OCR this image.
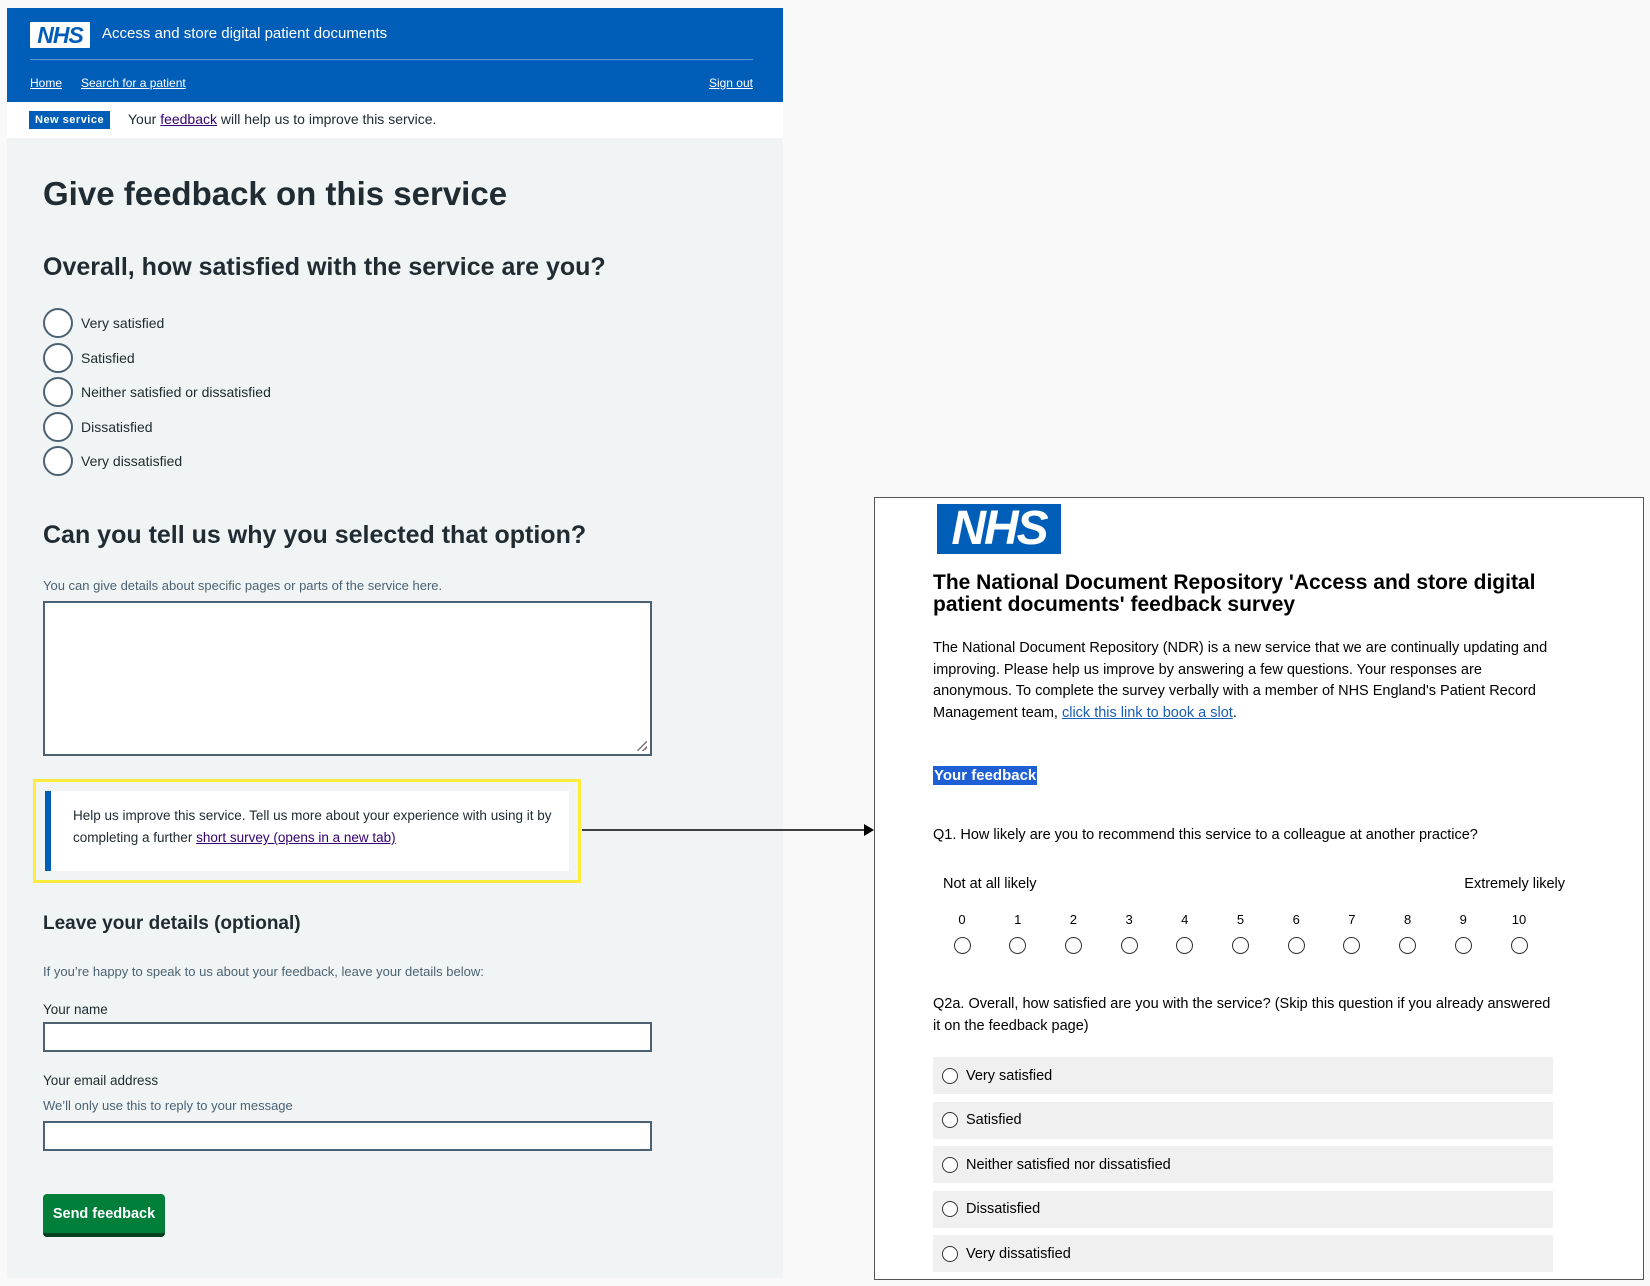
NHS Access and store digital patient documents
Home Search for a patient	Sign out
New service	Your feedback will help us to improve this service.
Give feedback on this service
Overall, how satisfied with the service are you?
Very satisfied
Satisfied
Neither satisfied or dissatisfied
Dissatisfied
Very dissatisfied
Can you tell us why you selected that option?
You can give details about specific pages or parts of the service here.
Help us improve this service. Tell us more about your experience with using it by completing a further short survey (opens in a new tab)
Leave your details (optional)
If you’re happy to speak to us about your feedback, leave your details below:
Your name
Your email address
We’ll only use this to reply to your message
Send feedback
NHS
The National Document Repository 'Access and store digital patient documents' feedback survey
The National Document Repository (NDR) is a new service that we are continually updating and improving. Please help us improve by answering a few questions. Your responses are anonymous. To complete the survey verbally with a member of NHS England's Patient Record Management team, click this link to book a slot.
Your feedback
Q1. How likely are you to recommend this service to a colleague at another practice?
Not at all likely	Extremely likely
0	1	2	3	4	5	6	7	8	9	10
Q2a. Overall, how satisfied are you with the service? (Skip this question if you already answered it on the feedback page)
Very satisfied
Satisfied
Neither satisfied nor dissatisfied
Dissatisfied
Very dissatisfied
